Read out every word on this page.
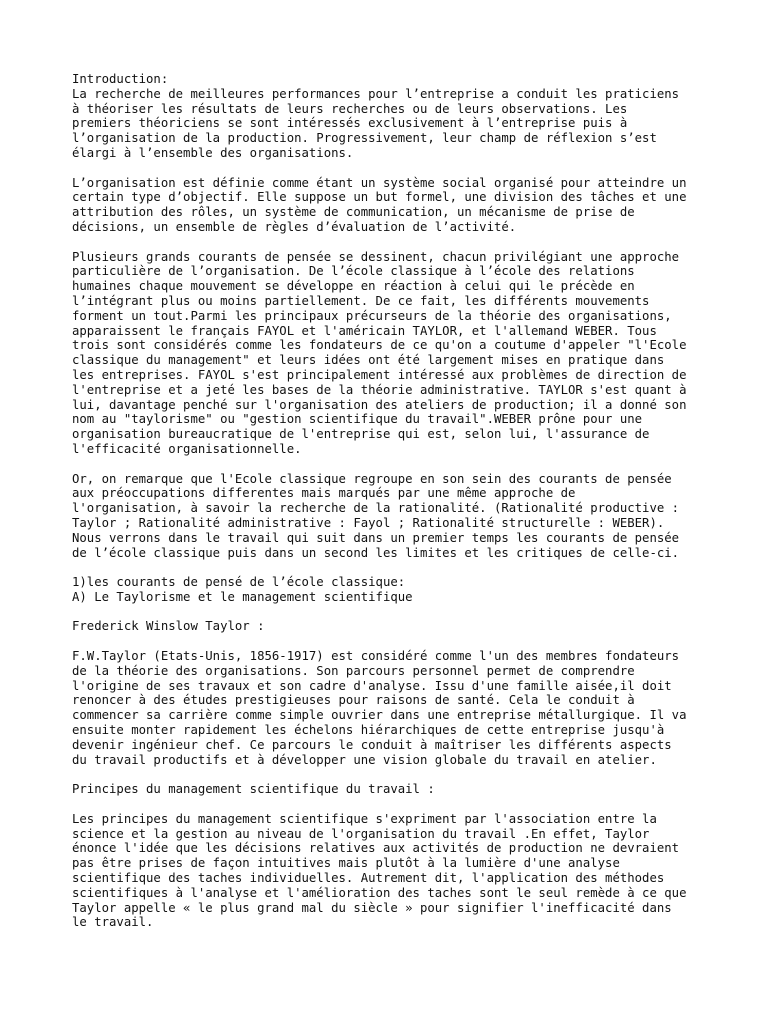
Introduction:
La recherche de meilleures performances pour l’entreprise a conduit les praticiens
à théoriser les résultats de leurs recherches ou de leurs observations. Les
premiers théoriciens se sont intéressés exclusivement à l’entreprise puis à
l’organisation de la production. Progressivement, leur champ de réflexion s’est
élargi à l’ensemble des organisations.
L’organisation est définie comme étant un système social organisé pour atteindre un
certain type d’objectif. Elle suppose un but formel, une division des tâches et une
attribution des rôles, un système de communication, un mécanisme de prise de
décisions, un ensemble de règles d’évaluation de l’activité.
Plusieurs grands courants de pensée se dessinent, chacun privilégiant une approche
particulière de l’organisation. De l’école classique à l’école des relations
humaines chaque mouvement se développe en réaction à celui qui le précède en
l’intégrant plus ou moins partiellement. De ce fait, les différents mouvements
forment un tout.Parmi les principaux précurseurs de la théorie des organisations,
apparaissent le français FAYOL et l'américain TAYLOR, et l'allemand WEBER. Tous
trois sont considérés comme les fondateurs de ce qu'on a coutume d'appeler "l'Ecole
classique du management" et leurs idées ont été largement mises en pratique dans
les entreprises. FAYOL s'est principalement intéressé aux problèmes de direction de
l'entreprise et a jeté les bases de la théorie administrative. TAYLOR s'est quant à
lui, davantage penché sur l'organisation des ateliers de production; il a donné son
nom au "taylorisme" ou "gestion scientifique du travail".WEBER prône pour une
organisation bureaucratique de l'entreprise qui est, selon lui, l'assurance de
l'efficacité organisationnelle.
Or, on remarque que l'Ecole classique regroupe en son sein des courants de pensée
aux préoccupations differentes mais marqués par une même approche de
l'organisation, à savoir la recherche de la rationalité. (Rationalité productive :
Taylor ; Rationalité administrative : Fayol ; Rationalité structurelle : WEBER).
Nous verrons dans le travail qui suit dans un premier temps les courants de pensée
de l’école classique puis dans un second les limites et les critiques de celle-ci.
1)les courants de pensé de l’école classique:
A) Le Taylorisme et le management scientifique
Frederick Winslow Taylor :
F.W.Taylor (Etats-Unis, 1856-1917) est considéré comme l'un des membres fondateurs
de la théorie des organisations. Son parcours personnel permet de comprendre
l'origine de ses travaux et son cadre d'analyse. Issu d'une famille aisée,il doit
renoncer à des études prestigieuses pour raisons de santé. Cela le conduit à
commencer sa carrière comme simple ouvrier dans une entreprise métallurgique. Il va
ensuite monter rapidement les échelons hiérarchiques de cette entreprise jusqu'à
devenir ingénieur chef. Ce parcours le conduit à maîtriser les différents aspects
du travail productifs et à développer une vision globale du travail en atelier.
Principes du management scientifique du travail :
Les principes du management scientifique s'expriment par l'association entre la
science et la gestion au niveau de l'organisation du travail .En effet, Taylor
énonce l'idée que les décisions relatives aux activités de production ne devraient
pas être prises de façon intuitives mais plutôt à la lumière d'une analyse
scientifique des taches individuelles. Autrement dit, l'application des méthodes
scientifiques à l'analyse et l'amélioration des taches sont le seul remède à ce que
Taylor appelle « le plus grand mal du siècle » pour signifier l'inefficacité dans
le travail.
